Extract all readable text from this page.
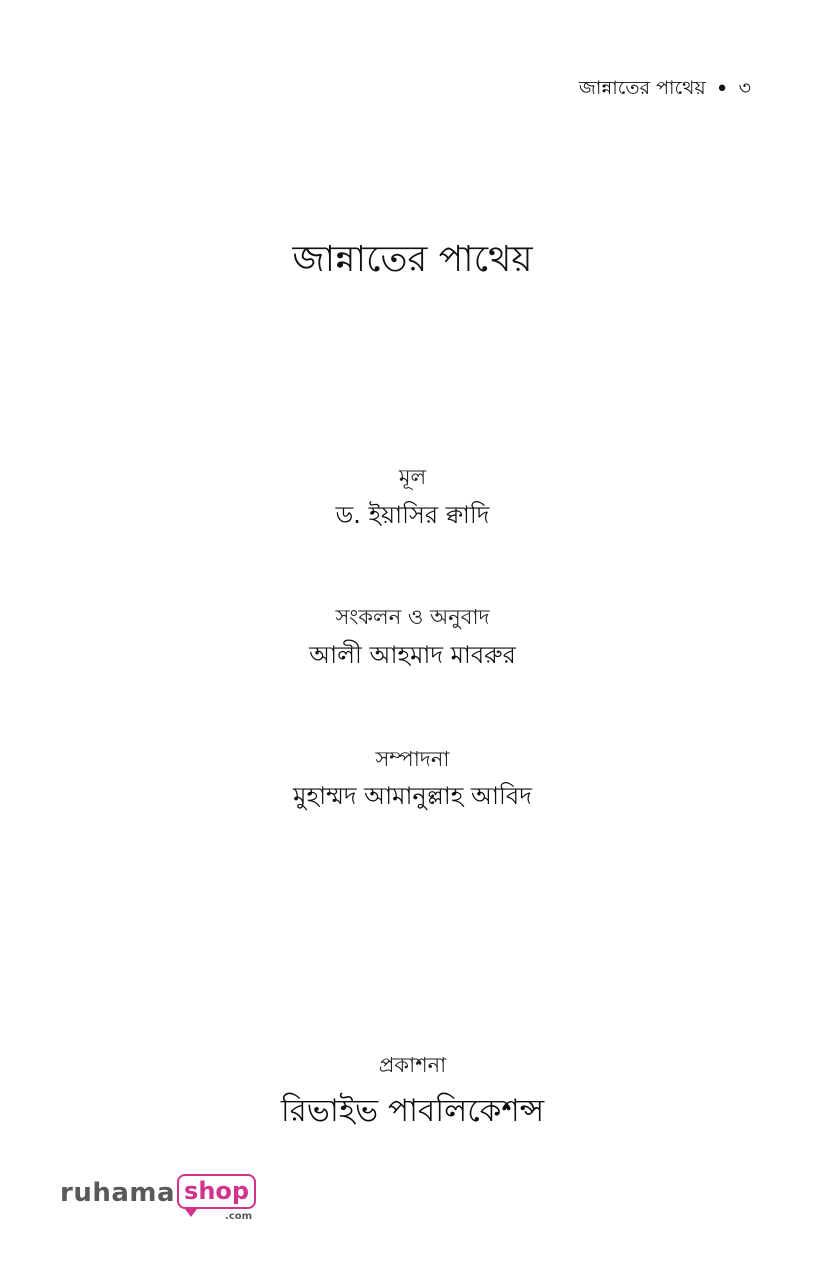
জান্নাতের পাথেয় • ৩
জান্নাতের পাথেয়
মূল
ড. ইয়াসির ক্বাদি
সংকলন ও অনুবাদ
আলী আহমাদ মাবরুর
সম্পাদনা
মুহাম্মদ আমানুল্লাহ আবিদ
প্রকাশনা
রিভাইভ পাবলিকেশন্স
ruhama shop
.com
